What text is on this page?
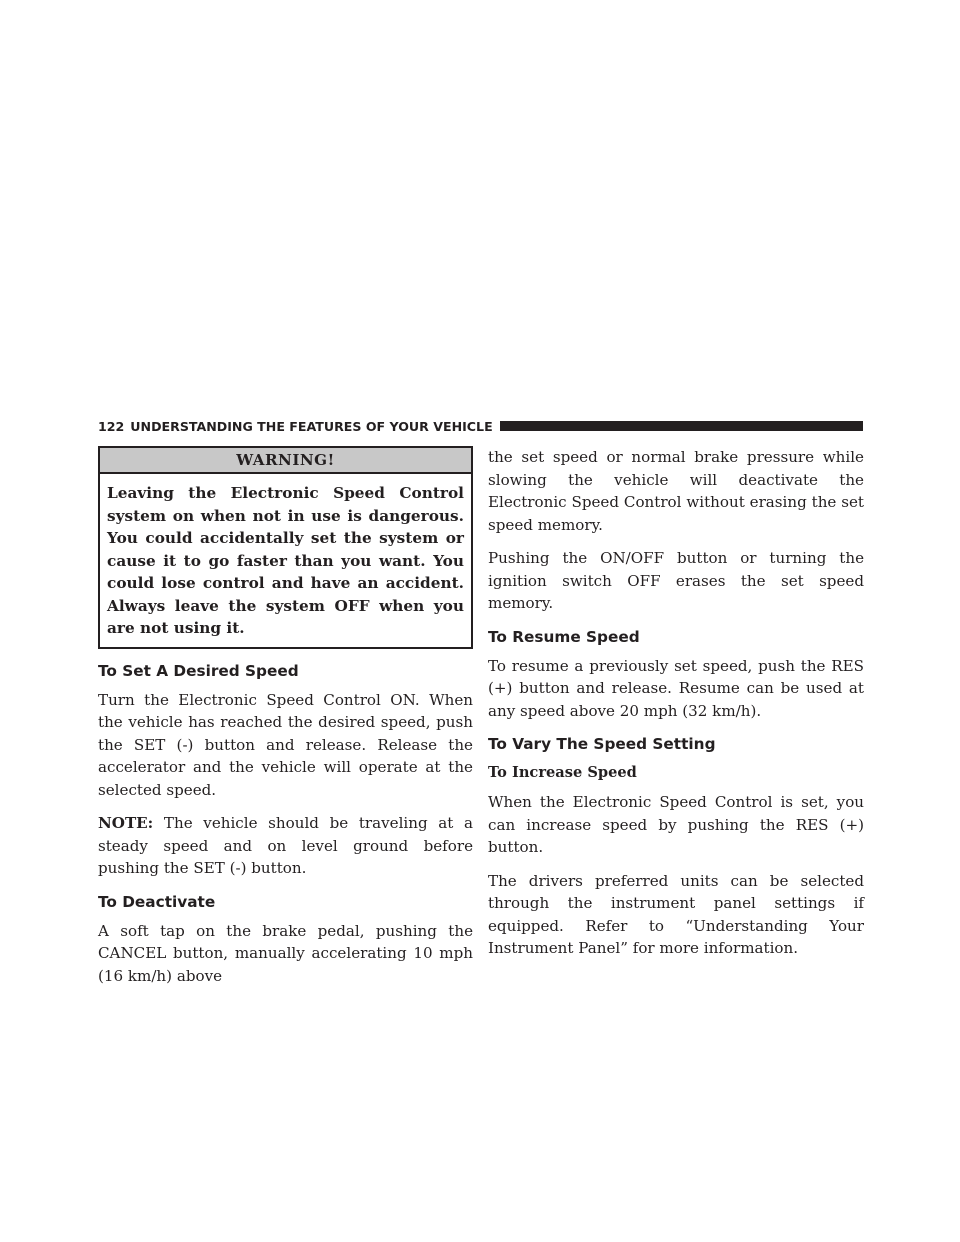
122 UNDERSTANDING THE FEATURES OF YOUR VEHICLE
WARNING!
Leaving the Electronic Speed Control system on when not in use is dangerous. You could accidentally set the system or cause it to go faster than you want. You could lose control and have an accident. Always leave the system OFF when you are not using it.
To Set A Desired Speed

Turn the Electronic Speed Control ON. When the vehicle has reached the desired speed, push the SET (-) button and release. Release the accelerator and the vehicle will operate at the selected speed.

NOTE: The vehicle should be traveling at a steady speed and on level ground before pushing the SET (-) button.

To Deactivate

A soft tap on the brake pedal, pushing the CANCEL button, manually accelerating 10 mph (16 km/h) above

the set speed or normal brake pressure while slowing the vehicle will deactivate the Electronic Speed Control without erasing the set speed memory.

Pushing the ON/OFF button or turning the ignition switch OFF erases the set speed memory.

To Resume Speed

To resume a previously set speed, push the RES (+) button and release. Resume can be used at any speed above 20 mph (32 km/h).

To Vary The Speed Setting
To Increase Speed

When the Electronic Speed Control is set, you can increase speed by pushing the RES (+) button.

The drivers preferred units can be selected through the instrument panel settings if equipped. Refer to “Understanding Your Instrument Panel” for more information.
